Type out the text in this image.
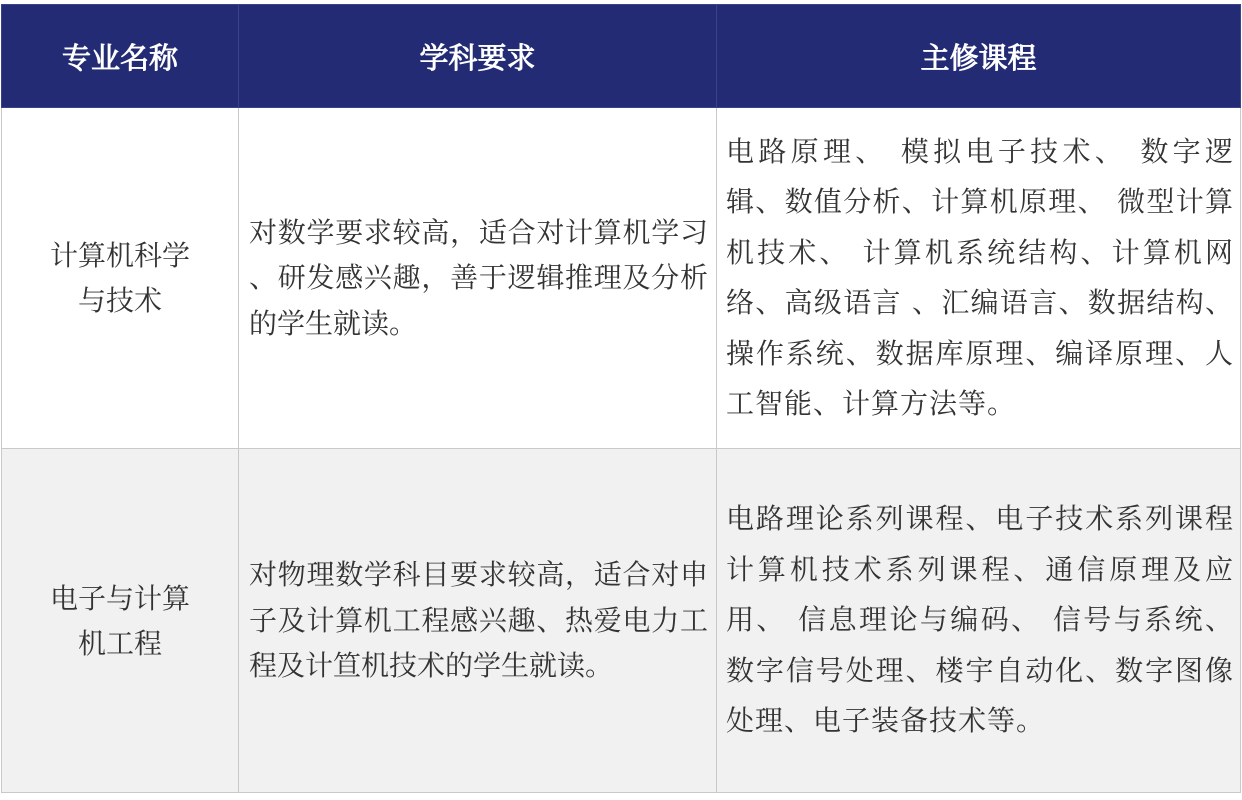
专业名称	学科要求	主修课程

计算机科学与技术	对数学要求较高，适合对计算机学习 、研发感兴趣，善于逻辑推理及分析的学生就读。	电路原理、 模拟电子技术、 数字逻辑、数值分析、计算机原理、 微型计算机技术、 计算机系统结构、计算机网络、高级语言 、汇编语言、数据结构、操作系统、数据库原理、编译原理、人工智能、计算方法等。

电子与计算机工程	对物理数学科目要求较高，适合对申子及计算机工程感兴趣、热爱电力工程及计笪机技术的学生就读。	电路理论系列课程、电子技术系列课程计算机技术系列课程、通信原理及应用、 信息理论与编码、 信号与系统、数字信号处理、楼宇自动化、数字图像处理、电子装备技术等。
